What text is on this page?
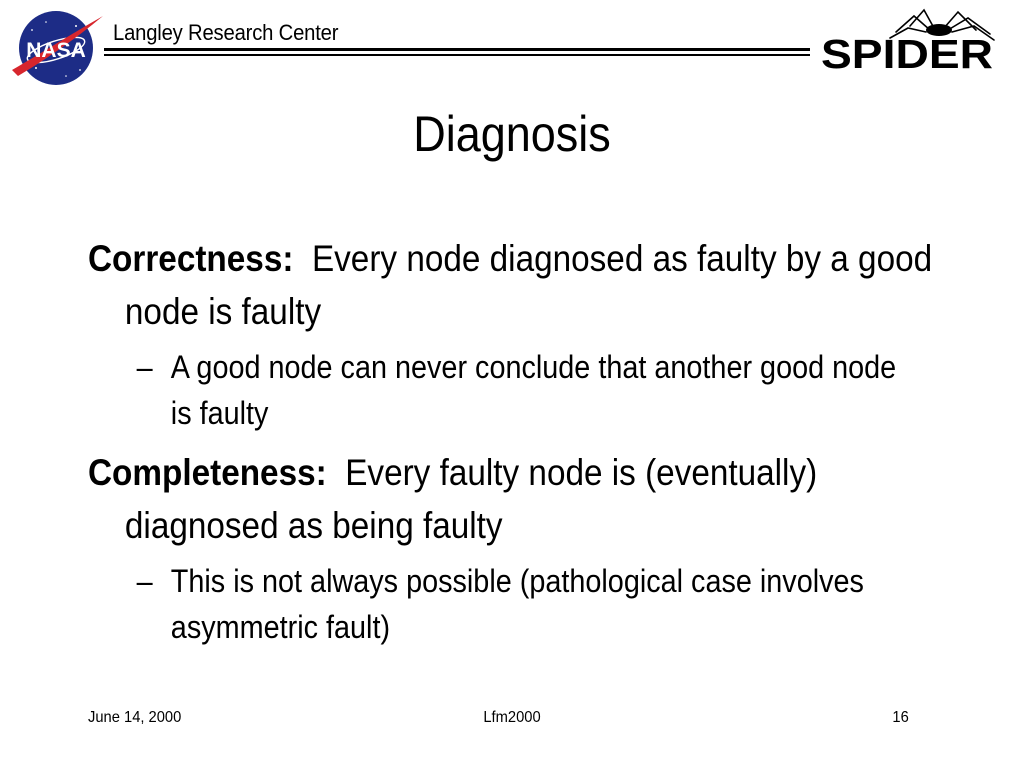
NASA
Langley Research Center	SPIDER
Diagnosis
Correctness: Every node diagnosed as faulty by a good node is faulty
– A good node can never conclude that another good node is faulty
Completeness: Every faulty node is (eventually) diagnosed as being faulty
– This is not always possible (pathological case involves asymmetric fault)
June 14, 2000	Lfm2000	16
